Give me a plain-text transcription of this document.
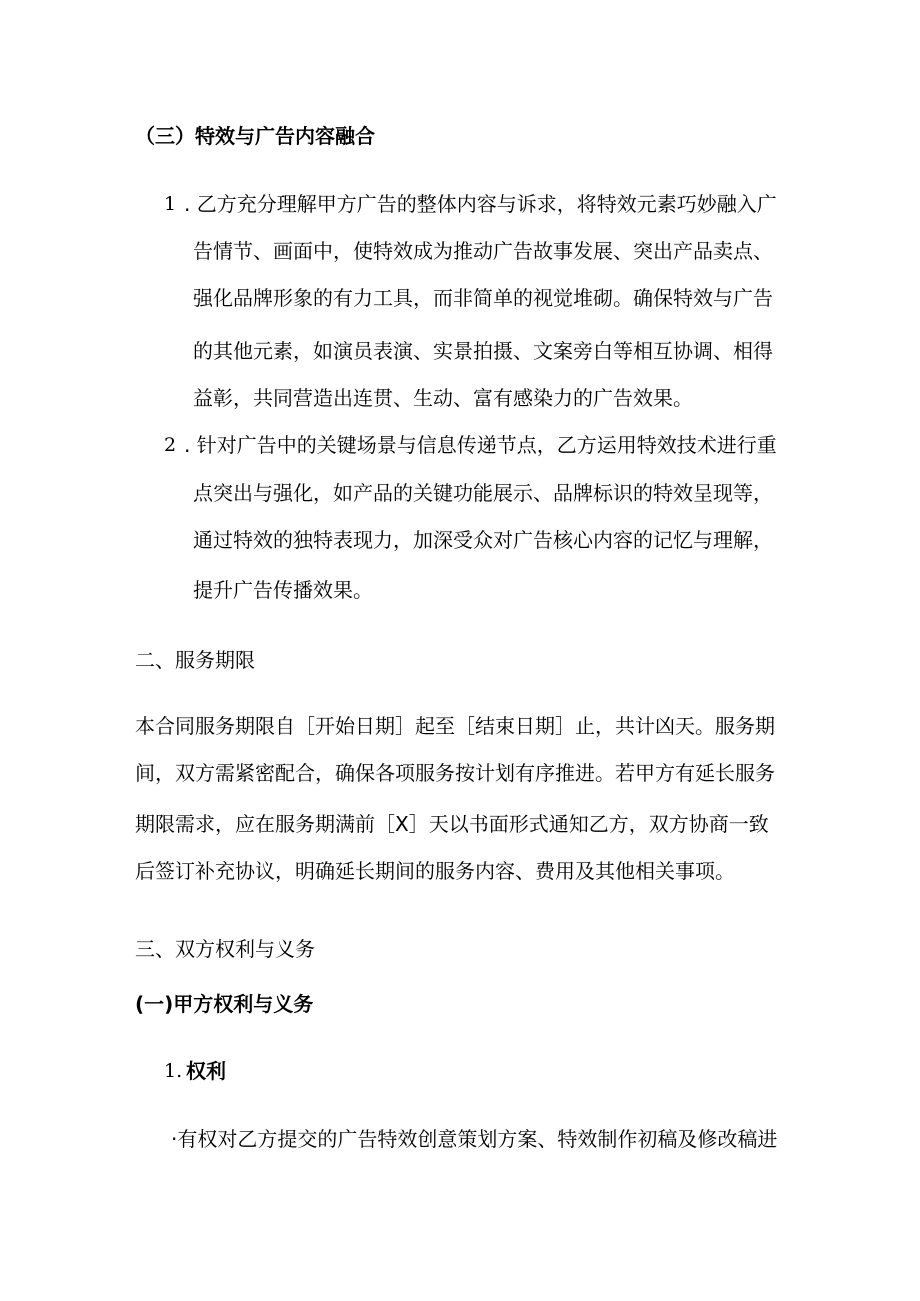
（三）特效与广告内容融合
1 . 乙方充分理解甲方广告的整体内容与诉求，将特效元素巧妙融入广
告情节、画面中，使特效成为推动广告故事发展、突出产品卖点、
强化品牌形象的有力工具，而非简单的视觉堆砌。确保特效与广告
的其他元素，如演员表演、实景拍摄、文案旁白等相互协调、相得
益彰，共同营造出连贯、生动、富有感染力的广告效果。
2 . 针对广告中的关键场景与信息传递节点，乙方运用特效技术进行重
点突出与强化，如产品的关键功能展示、品牌标识的特效呈现等，
通过特效的独特表现力，加深受众对广告核心内容的记忆与理解，
提升广告传播效果。
二、服务期限
本合同服务期限自［开始日期］起至［结束日期］止，共计凶天。服务期
间，双方需紧密配合，确保各项服务按计划有序推进。若甲方有延长服务
期限需求，应在服务期满前［X］天以书面形式通知乙方，双方协商一致
后签订补充协议，明确延长期间的服务内容、费用及其他相关事项。
三、双方权利与义务
(一)甲方权利与义务
1. 权利
·有权对乙方提交的广告特效创意策划方案、特效制作初稿及修改稿进
